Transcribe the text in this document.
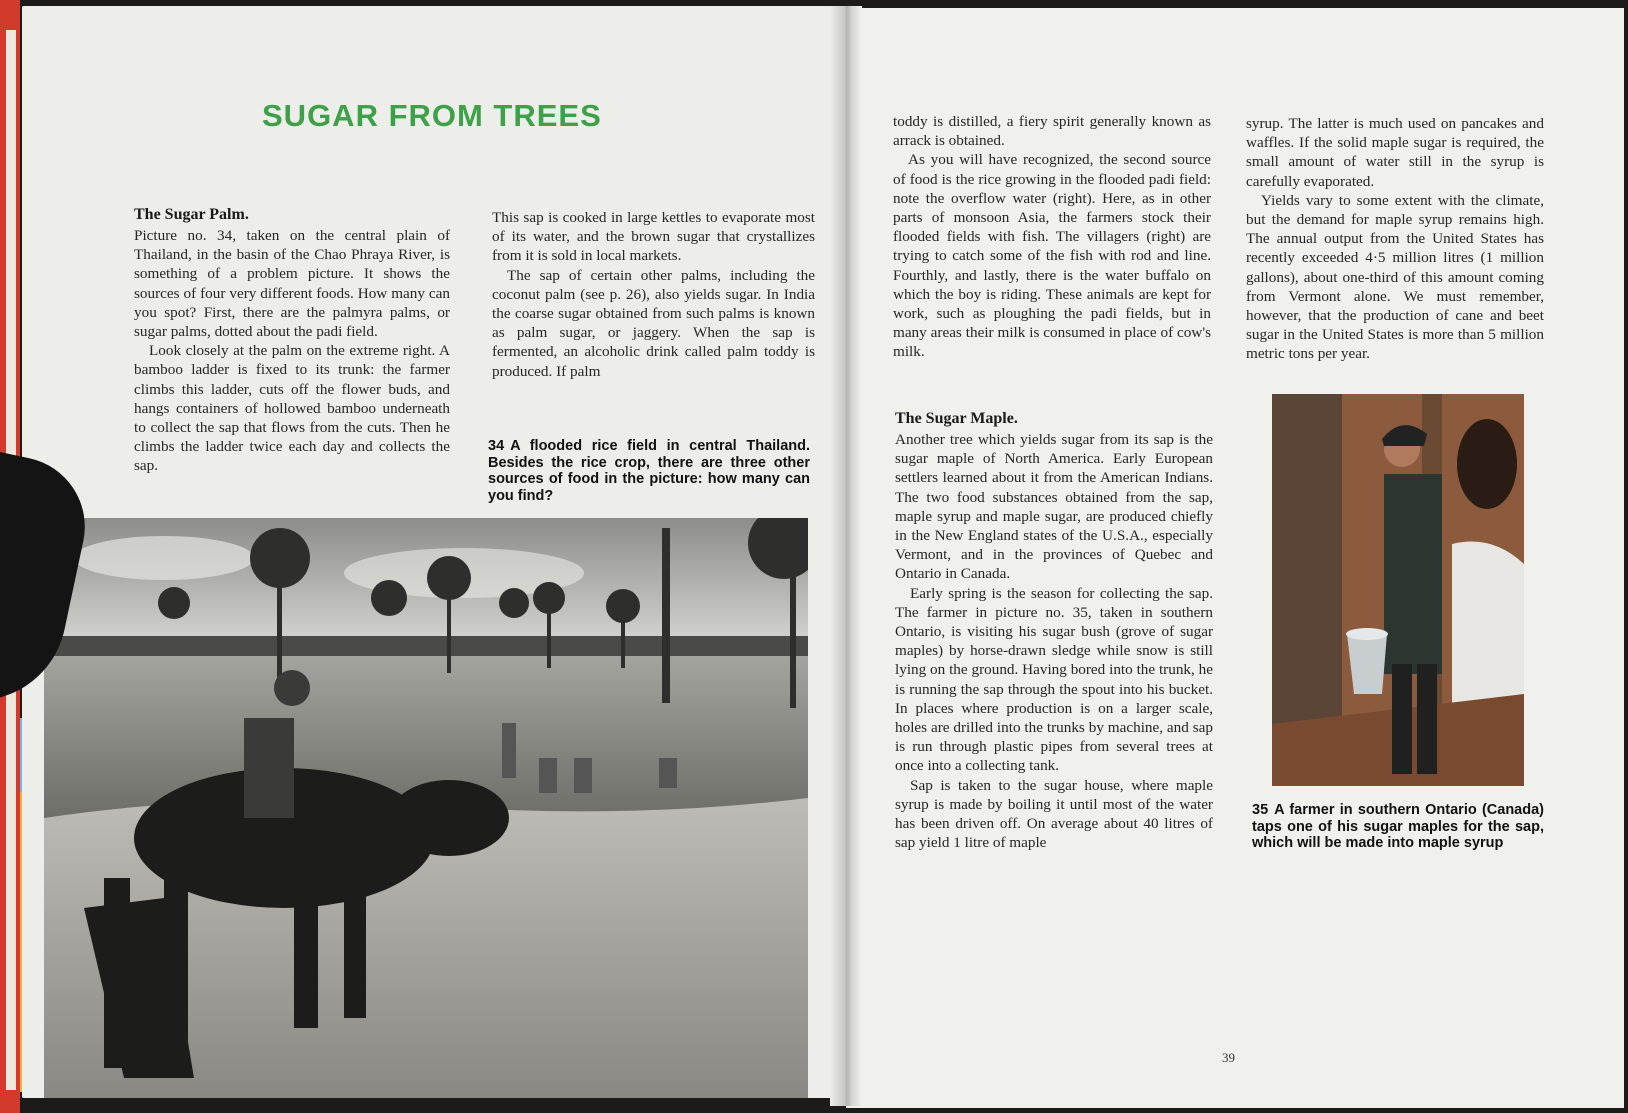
SUGAR FROM TREES
The Sugar Palm.

Picture no. 34, taken on the central plain of Thailand, in the basin of the Chao Phraya River, is something of a problem picture. It shows the sources of four very different foods. How many can you spot? First, there are the palmyra palms, or sugar palms, dotted about the padi field.

Look closely at the palm on the extreme right. A bamboo ladder is fixed to its trunk: the farmer climbs this ladder, cuts off the flower buds, and hangs containers of hollowed bamboo underneath to collect the sap that flows from the cuts. Then he climbs the ladder twice each day and collects the sap.

This sap is cooked in large kettles to evaporate most of its water, and the brown sugar that crystallizes from it is sold in local markets.

The sap of certain other palms, including the coconut palm (see p. 26), also yields sugar. In India the coarse sugar obtained from such palms is known as palm sugar, or jaggery. When the sap is fermented, an alcoholic drink called palm toddy is produced. If palm

34 A flooded rice field in central Thailand. Besides the rice crop, there are three other sources of food in the picture: how many can you find?

toddy is distilled, a fiery spirit generally known as arrack is obtained.

As you will have recognized, the second source of food is the rice growing in the flooded padi field: note the overflow water (right). Here, as in other parts of monsoon Asia, the farmers stock their flooded fields with fish. The villagers (right) are trying to catch some of the fish with rod and line. Fourthly, and lastly, there is the water buffalo on which the boy is riding. These animals are kept for work, such as ploughing the padi fields, but in many areas their milk is consumed in place of cow's milk.

The Sugar Maple.

Another tree which yields sugar from its sap is the sugar maple of North America. Early European settlers learned about it from the American Indians. The two food substances obtained from the sap, maple syrup and maple sugar, are produced chiefly in the New England states of the U.S.A., especially Vermont, and in the provinces of Quebec and Ontario in Canada.

Early spring is the season for collecting the sap. The farmer in picture no. 35, taken in southern Ontario, is visiting his sugar bush (grove of sugar maples) by horse-drawn sledge while snow is still lying on the ground. Having bored into the trunk, he is running the sap through the spout into his bucket. In places where production is on a larger scale, holes are drilled into the trunks by machine, and sap is run through plastic pipes from several trees at once into a collecting tank.

Sap is taken to the sugar house, where maple syrup is made by boiling it until most of the water has been driven off. On average about 40 litres of sap yield 1 litre of maple

syrup. The latter is much used on pancakes and waffles. If the solid maple sugar is required, the small amount of water still in the syrup is carefully evaporated.

Yields vary to some extent with the climate, but the demand for maple syrup remains high. The annual output from the United States has recently exceeded 4·5 million litres (1 million gallons), about one-third of this amount coming from Vermont alone. We must remember, however, that the production of cane and beet sugar in the United States is more than 5 million metric tons per year.

35 A farmer in southern Ontario (Canada) taps one of his sugar maples for the sap, which will be made into maple syrup

39
